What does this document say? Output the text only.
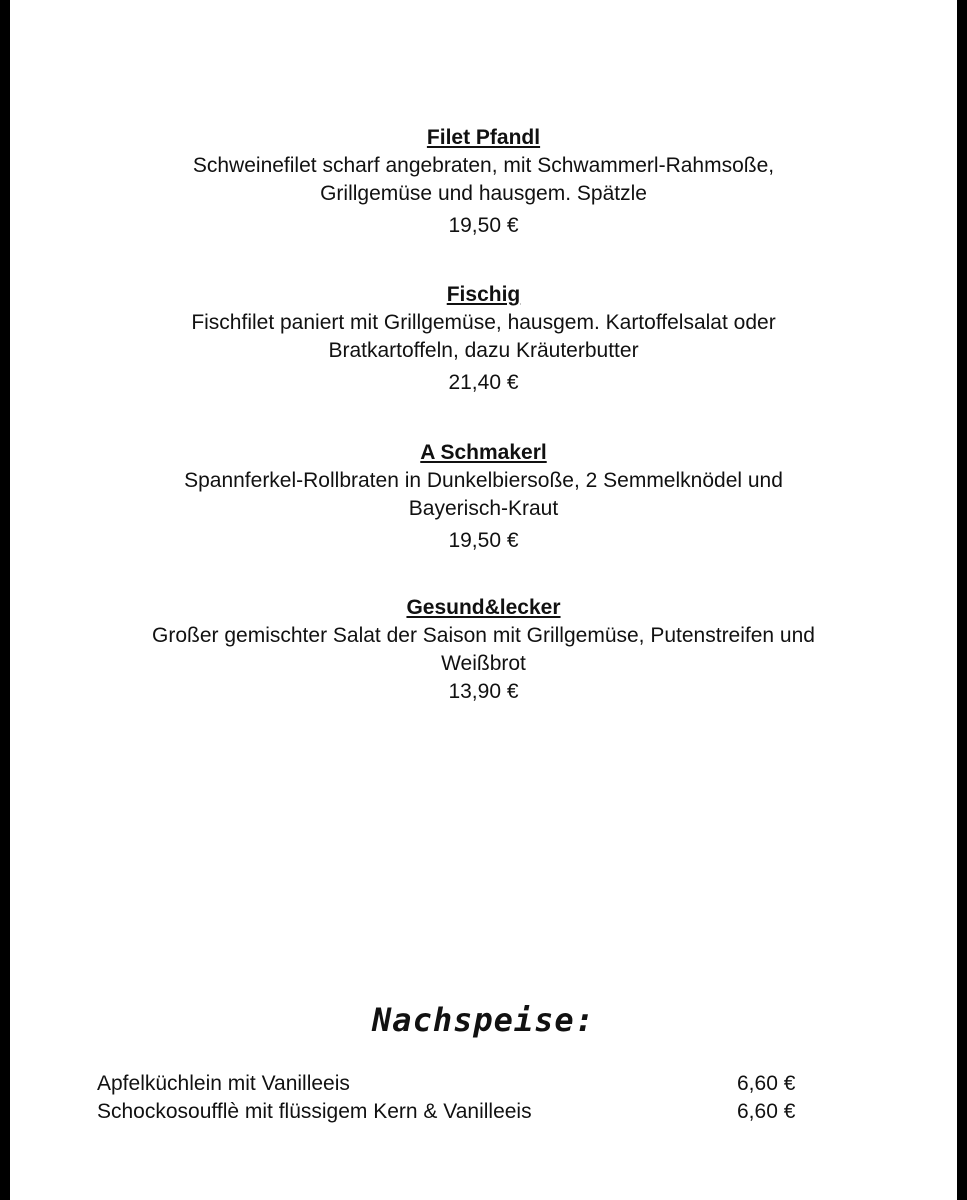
Filet Pfandl
Schweinefilet scharf angebraten, mit Schwammerl-Rahmsoße,
Grillgemüse und hausgem. Spätzle
19,50 €
Fischig
Fischfilet paniert mit Grillgemüse, hausgem. Kartoffelsalat oder
Bratkartoffeln, dazu Kräuterbutter
21,40 €
A Schmakerl
Spannferkel-Rollbraten in Dunkelbiersoße, 2 Semmelknödel und
Bayerisch-Kraut
19,50 €
Gesund&lecker
Großer gemischter Salat der Saison mit Grillgemüse, Putenstreifen und
Weißbrot
13,90 €
Nachspeise:
Apfelküchlein mit Vanilleeis	6,60 €
Schockosoufflè mit flüssigem Kern & Vanilleeis	6,60 €
